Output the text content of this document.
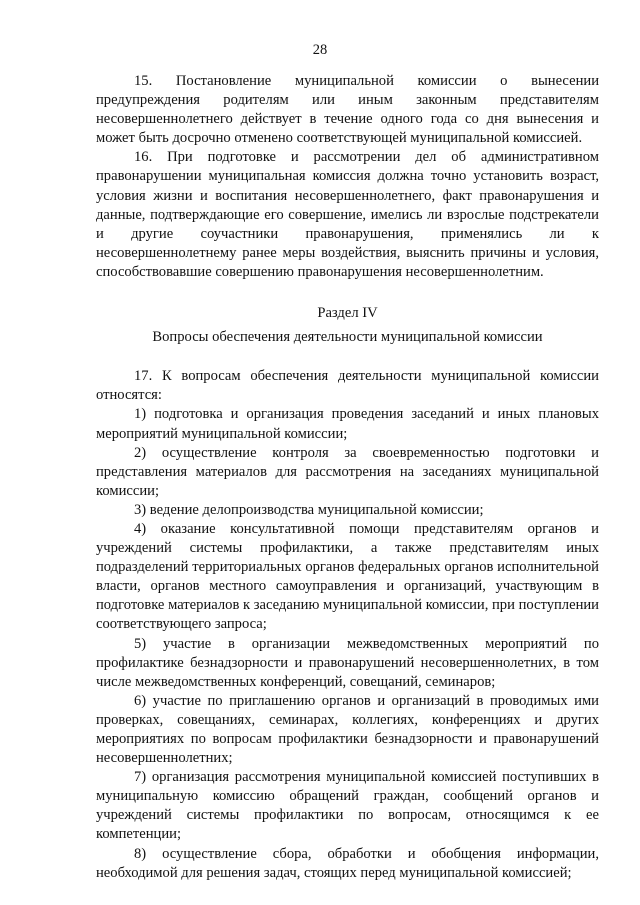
28

15. Постановление муниципальной комиссии о вынесении предупреждения родителям или иным законным представителям несовершеннолетнего действует в течение одного года со дня вынесения и может быть досрочно отменено соответствующей муниципальной комиссией.

16. При подготовке и рассмотрении дел об административном правонарушении муниципальная комиссия должна точно установить возраст, условия жизни и воспитания несовершеннолетнего, факт правонарушения и данные, подтверждающие его совершение, имелись ли взрослые подстрекатели и другие соучастники правонарушения, применялись ли к несовершеннолетнему ранее меры воздействия, выяснить причины и условия, способствовавшие совершению правонарушения несовершеннолетним.

Раздел IV

Вопросы обеспечения деятельности муниципальной комиссии

17. К вопросам обеспечения деятельности муниципальной комиссии относятся:

1) подготовка и организация проведения заседаний и иных плановых мероприятий муниципальной комиссии;

2) осуществление контроля за своевременностью подготовки и представления материалов для рассмотрения на заседаниях муниципальной комиссии;

3) ведение делопроизводства муниципальной комиссии;

4) оказание консультативной помощи представителям органов и учреждений системы профилактики, а также представителям иных подразделений территориальных органов федеральных органов исполнительной власти, органов местного самоуправления и организаций, участвующим в подготовке материалов к заседанию муниципальной комиссии, при поступлении соответствующего запроса;

5) участие в организации межведомственных мероприятий по профилактике безнадзорности и правонарушений несовершеннолетних, в том числе межведомственных конференций, совещаний, семинаров;

6) участие по приглашению органов и организаций в проводимых ими проверках, совещаниях, семинарах, коллегиях, конференциях и других мероприятиях по вопросам профилактики безнадзорности и правонарушений несовершеннолетних;

7) организация рассмотрения муниципальной комиссией поступивших в муниципальную комиссию обращений граждан, сообщений органов и учреждений системы профилактики по вопросам, относящимся к ее компетенции;

8) осуществление сбора, обработки и обобщения информации, необходимой для решения задач, стоящих перед муниципальной комиссией;
